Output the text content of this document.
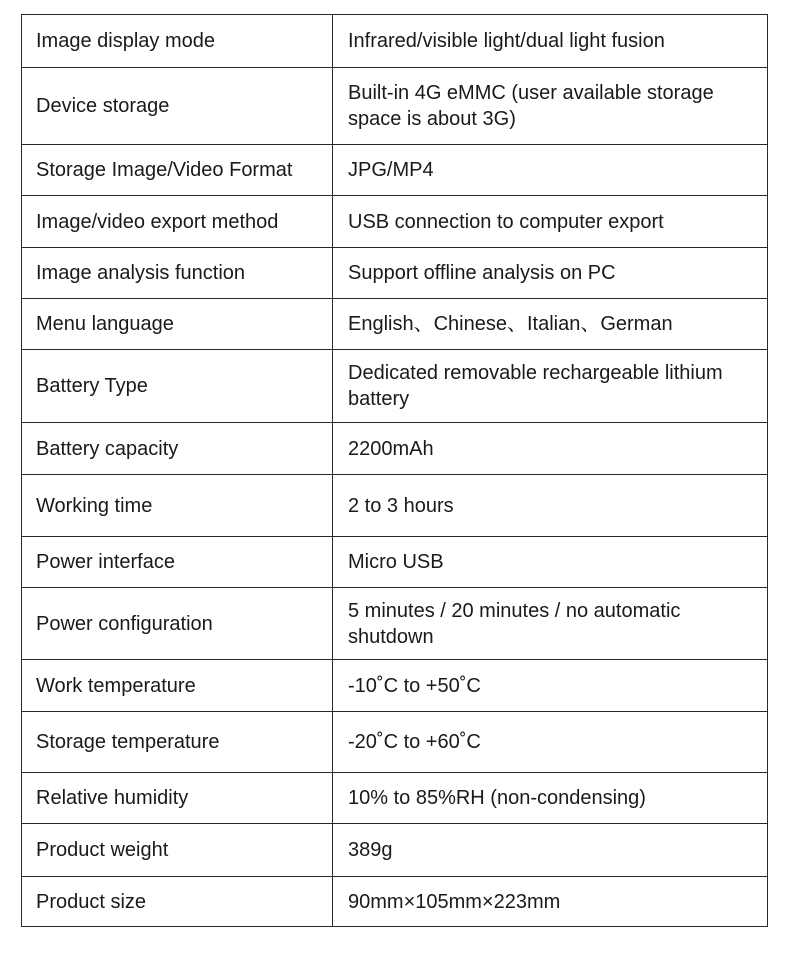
Image display mode	Infrared/visible light/dual light fusion
Device storage	Built-in 4G eMMC (user available storage space is about 3G)
Storage Image/Video Format	JPG/MP4
Image/video export method	USB connection to computer export
Image analysis function	Support offline analysis on PC
Menu language	English、Chinese、Italian、German
Battery Type	Dedicated removable rechargeable lithium battery
Battery capacity	2200mAh
Working time	2 to 3 hours
Power interface	Micro USB
Power configuration	5 minutes / 20 minutes / no automatic shutdown
Work temperature	-10˚C to +50˚C
Storage temperature	-20˚C to +60˚C
Relative humidity	10% to 85%RH (non-condensing)
Product weight	389g
Product size	90mm×105mm×223mm
